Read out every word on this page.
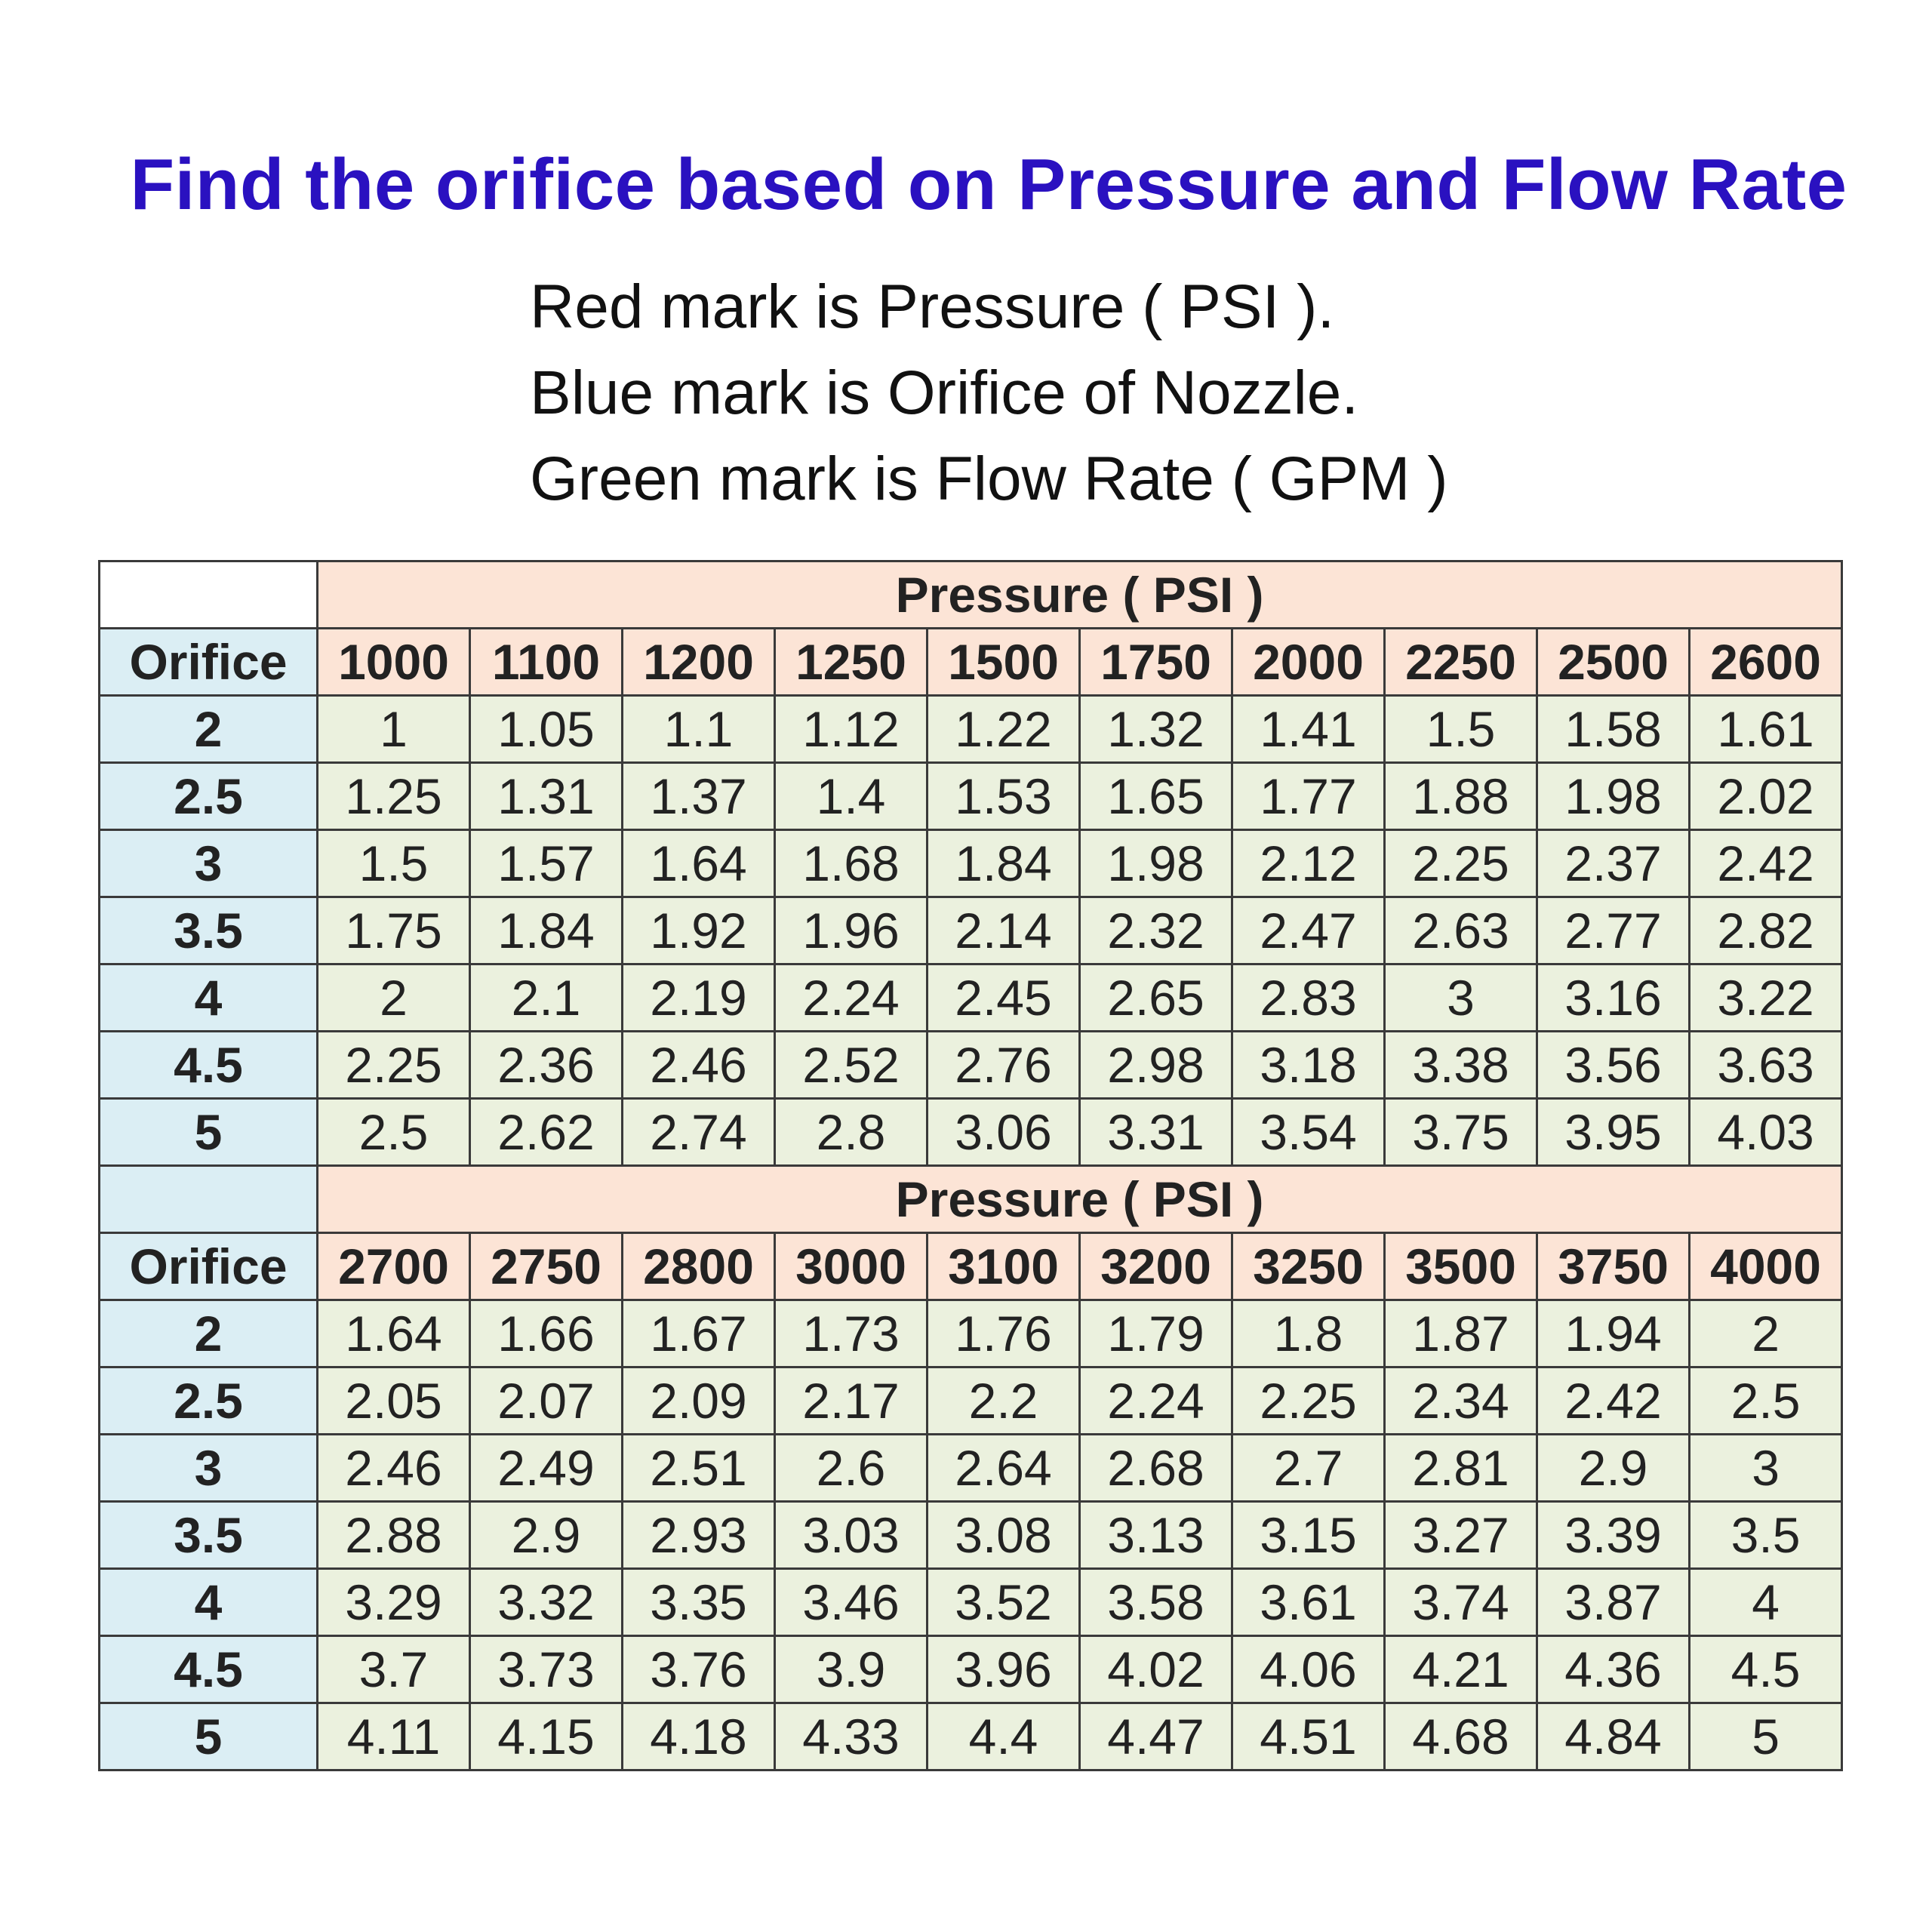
Find the orifice based on Pressure and Flow Rate
Red mark is Pressure ( PSI ).
Blue mark is Orifice of Nozzle.
Green mark is Flow Rate ( GPM )
	Pressure ( PSI )									
Orifice	1000	1100	1200	1250	1500	1750	2000	2250	2500	2600
2	1	1.05	1.1	1.12	1.22	1.32	1.41	1.5	1.58	1.61
2.5	1.25	1.31	1.37	1.4	1.53	1.65	1.77	1.88	1.98	2.02
3	1.5	1.57	1.64	1.68	1.84	1.98	2.12	2.25	2.37	2.42
3.5	1.75	1.84	1.92	1.96	2.14	2.32	2.47	2.63	2.77	2.82
4	2	2.1	2.19	2.24	2.45	2.65	2.83	3	3.16	3.22
4.5	2.25	2.36	2.46	2.52	2.76	2.98	3.18	3.38	3.56	3.63
5	2.5	2.62	2.74	2.8	3.06	3.31	3.54	3.75	3.95	4.03
	Pressure ( PSI )									
Orifice	2700	2750	2800	3000	3100	3200	3250	3500	3750	4000
2	1.64	1.66	1.67	1.73	1.76	1.79	1.8	1.87	1.94	2
2.5	2.05	2.07	2.09	2.17	2.2	2.24	2.25	2.34	2.42	2.5
3	2.46	2.49	2.51	2.6	2.64	2.68	2.7	2.81	2.9	3
3.5	2.88	2.9	2.93	3.03	3.08	3.13	3.15	3.27	3.39	3.5
4	3.29	3.32	3.35	3.46	3.52	3.58	3.61	3.74	3.87	4
4.5	3.7	3.73	3.76	3.9	3.96	4.02	4.06	4.21	4.36	4.5
5	4.11	4.15	4.18	4.33	4.4	4.47	4.51	4.68	4.84	5
